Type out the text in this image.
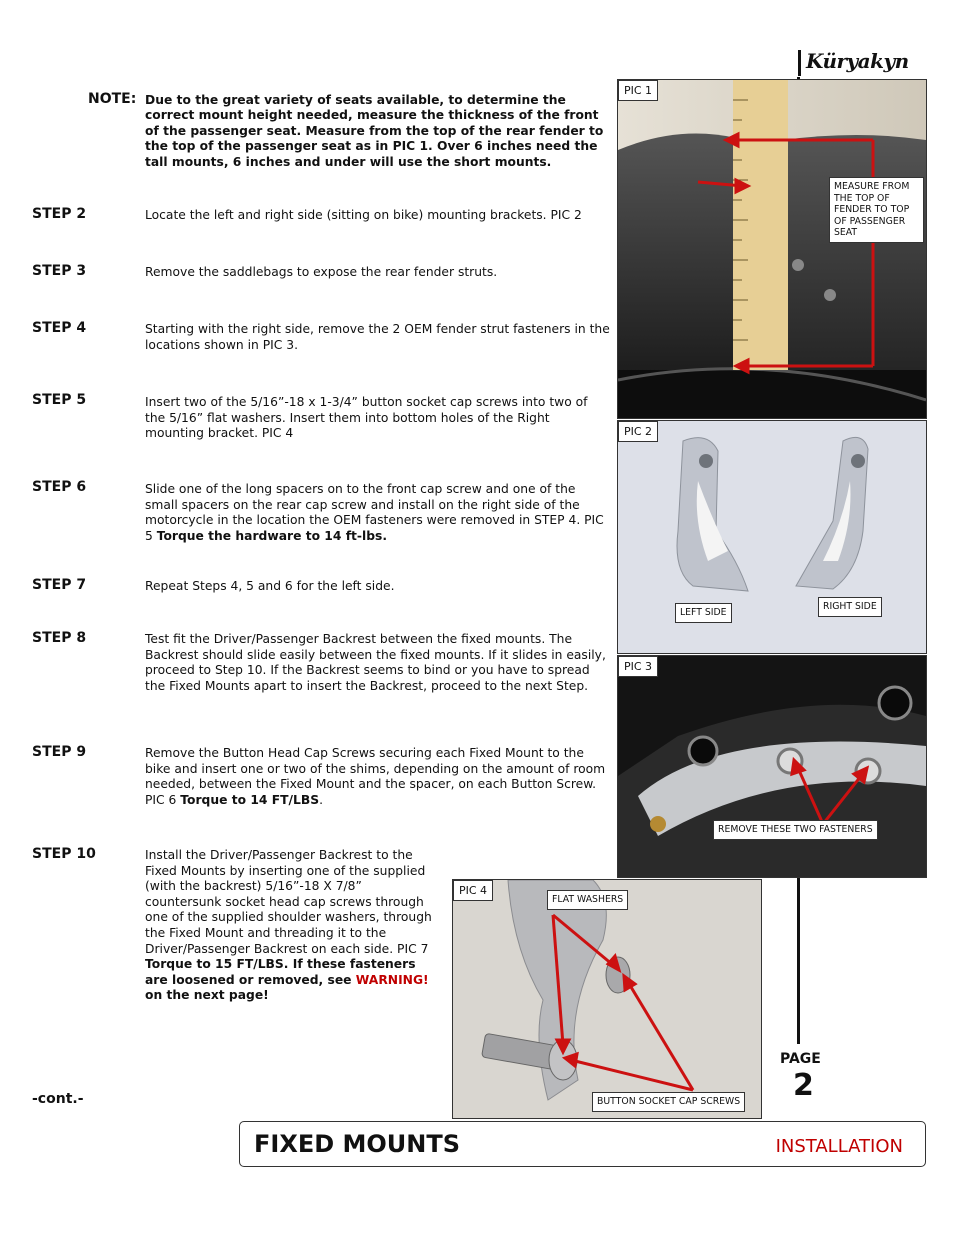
Küryakyn
NOTE: Due to the great variety of seats available, to determine the correct mount height needed, measure the thickness of the front of the passenger seat. Measure from the top of the rear fender to the top of the passenger seat as in PIC 1. Over 6 inches need the tall mounts, 6 inches and under will use the short mounts.
STEP 2	Locate the left and right side (sitting on bike) mounting brackets. PIC 2
STEP 3	Remove the saddlebags to expose the rear fender struts.
STEP 4	Starting with the right side, remove the 2 OEM fender strut fasteners in the locations shown in PIC 3.
STEP 5	Insert two of the 5/16”-18 x 1-3/4” button socket cap screws into two of the 5/16” flat washers. Insert them into bottom holes of the Right mounting bracket. PIC 4
STEP 6	Slide one of the long spacers on to the front cap screw and one of the small spacers on the rear cap screw and install on the right side of the motorcycle in the location the OEM fasteners were removed in STEP 4. PIC 5 Torque the hardware to 14 ft-lbs.
STEP 7	Repeat Steps 4, 5 and 6 for the left side.
STEP 8	Test fit the Driver/Passenger Backrest between the fixed mounts. The Backrest should slide easily between the fixed mounts. If it slides in easily, proceed to Step 10. If the Backrest seems to bind or you have to spread the Fixed Mounts apart to insert the Backrest, proceed to the next Step.
STEP 9	Remove the Button Head Cap Screws securing each Fixed Mount to the bike and insert one or two of the shims, depending on the amount of room needed, between the Fixed Mount and the spacer, on each Button Screw. PIC 6 Torque to 14 FT/LBS.
STEP 10	Install the Driver/Passenger Backrest to the Fixed Mounts by inserting one of the supplied (with the backrest) 5/16”-18 X 7/8” countersunk socket head cap screws through one of the supplied shoulder washers, through the Fixed Mount and threading it to the Driver/Passenger Backrest on each side. PIC 7 Torque to 15 FT/LBS. If these fasteners are loosened or removed, see WARNING! on the next page!
PIC 1
MEASURE FROM THE TOP OF FENDER TO TOP OF PASSENGER SEAT
PIC 2
LEFT SIDE
RIGHT SIDE
PIC 3
REMOVE THESE TWO FASTENERS
PIC 4
FLAT WASHERS
BUTTON SOCKET CAP SCREWS
PAGE
2
-cont.-
FIXED MOUNTS	INSTALLATION
